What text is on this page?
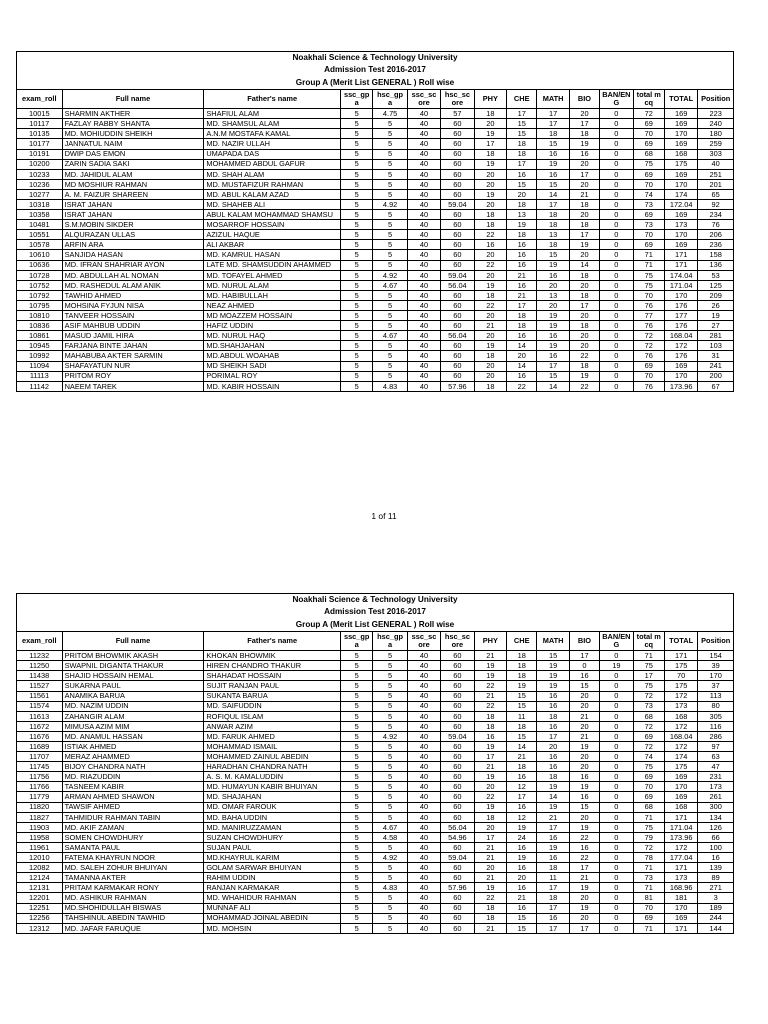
Noakhali Science & Technology University														
Admission Test 2016-2017														
Group A (Merit List GENERAL ) Roll wise														
exam_roll	Full name	Father's name	ssc_gpa	hsc_gpa	ssc_score	hsc_score	PHY	CHE	MATH	BIO	BAN/ENG	total mcq	TOTAL	Position
10015	SHARMIN AKTHER	SHAFIUL ALAM	5	4.75	40	57	18	17	17	20	0	72	169	223
10117	FAZLAY RABBY SHANTA	MD. SHAMSUL ALAM	5	5	40	60	20	15	17	17	0	69	169	240
10135	MD. MOHIUDDIN SHEIKH	A.N.M MOSTAFA KAMAL	5	5	40	60	19	15	18	18	0	70	170	180
10177	JANNATUL NAIM	MD. NAZIR ULLAH	5	5	40	60	17	18	15	19	0	69	169	259
10191	DWIP DAS EMON	UMAPADA DAS	5	5	40	60	18	18	16	16	0	68	168	303
10200	ZARIN SADIA SAKI	MOHAMMED ABDUL GAFUR	5	5	40	60	19	17	19	20	0	75	175	40
10233	MD. JAHIDUL ALAM	MD. SHAH ALAM	5	5	40	60	20	16	16	17	0	69	169	251
10236	MD MOSHIUR RAHMAN	MD. MUSTAFIZUR RAHMAN	5	5	40	60	20	15	15	20	0	70	170	201
10277	A. M. FAIZUR SHAREEN	MD. ABUL KALAM AZAD	5	5	40	60	19	20	14	21	0	74	174	65
10318	ISRAT JAHAN	MD. SHAHEB ALI	5	4.92	40	59.04	20	18	17	18	0	73	172.04	92
10358	ISRAT JAHAN	ABUL KALAM MOHAMMAD SHAMSU	5	5	40	60	18	13	18	20	0	69	169	234
10481	S.M.MOBIN SIKDER	MOSARROF HOSSAIN	5	5	40	60	18	19	18	18	0	73	173	76
10551	ALQURAZAN ULLAS	AZIZUL HAQUE	5	5	40	60	22	18	13	17	0	70	170	206
10578	ARFIN ARA	ALI AKBAR	5	5	40	60	16	16	18	19	0	69	169	236
10610	SANJIDA HASAN	MD. KAMRUL HASAN	5	5	40	60	20	16	15	20	0	71	171	158
10636	MD. IFRAN SHAHRIAR AYON	LATE MD. SHAMSUDDIN AHAMMED	5	5	40	60	22	16	19	14	0	71	171	136
10728	MD. ABDULLAH AL NOMAN	MD. TOFAYEL AHMED	5	4.92	40	59.04	20	21	16	18	0	75	174.04	53
10752	MD. RASHEDUL ALAM ANIK	MD. NURUL ALAM	5	4.67	40	56.04	19	16	20	20	0	75	171.04	125
10792	TAWHID AHMED	MD. HABIBULLAH	5	5	40	60	18	21	13	18	0	70	170	209
10795	MOHSINA FYJUN NISA	NEAZ AHMED	5	5	40	60	22	17	20	17	0	76	176	26
10810	TANVEER HOSSAIN	MD MOAZZEM HOSSAIN	5	5	40	60	20	18	19	20	0	77	177	19
10836	ASIF MAHBUB UDDIN	HAFIZ UDDIN	5	5	40	60	21	18	19	18	0	76	176	27
10861	MASUD JAMIL HIRA	MD. NURUL HAQ	5	4.67	40	56.04	20	16	16	20	0	72	168.04	281
10945	FARJANA BINTE JAHAN	MD.SHAHJAHAN	5	5	40	60	19	14	19	20	0	72	172	103
10992	MAHABUBA AKTER SARMIN	MD.ABDUL WOAHAB	5	5	40	60	18	20	16	22	0	76	176	31
11094	SHAFAYATUN NUR	MD SHEIKH SADI	5	5	40	60	20	14	17	18	0	69	169	241
11113	PRITOM ROY	PORIMAL ROY	5	5	40	60	20	16	15	19	0	70	170	200
11142	NAEEM TAREK	MD. KABIR HOSSAIN	5	4.83	40	57.96	18	22	14	22	0	76	173.96	67
1 of 11
Noakhali Science & Technology University														
Admission Test 2016-2017														
Group A (Merit List GENERAL ) Roll wise														
exam_roll	Full name	Father's name	ssc_gpa	hsc_gpa	ssc_score	hsc_score	PHY	CHE	MATH	BIO	BAN/ENG	total mcq	TOTAL	Position
11232	PRITOM BHOWMIK AKASH	KHOKAN BHOWMIK	5	5	40	60	21	18	15	17	0	71	171	154
11250	SWAPNIL DIGANTA THAKUR	HIREN CHANDRO THAKUR	5	5	40	60	19	18	19	0	19	75	175	39
11438	SHAJID HOSSAIN HEMAL	SHAHADAT HOSSAIN	5	5	40	60	19	18	19	16	0	17	70	170
11527	SUKARNA PAUL	SUJIT RANJAN PAUL	5	5	40	60	22	19	19	15	0	75	175	37
11561	ANAMIKA BARUA	SUKANTA BARUA	5	5	40	60	21	15	16	20	0	72	172	113
11574	MD. NAZIM UDDIN	MD. SAIFUDDIN	5	5	40	60	22	15	16	20	0	73	173	80
11613	ZAHANGIR ALAM	ROFIQUL ISLAM	5	5	40	60	18	11	18	21	0	68	168	305
11672	MIMUSA AZIM MIM	ANWAR AZIM	5	5	40	60	18	18	16	20	0	72	172	116
11676	MD. ANAMUL HASSAN	MD. FARUK AHMED	5	4.92	40	59.04	16	15	17	21	0	69	168.04	286
11689	ISTIAK AHMED	MOHAMMAD ISMAIL	5	5	40	60	19	14	20	19	0	72	172	97
11707	MERAZ AHAMMED	MOHAMMED ZAINUL ABEDIN	5	5	40	60	17	21	16	20	0	74	174	63
11745	BIJOY CHANDRA NATH	HARADHAN CHANDRA NATH	5	5	40	60	21	18	16	20	0	75	175	47
11756	MD. RIAZUDDIN	A. S. M. KAMALUDDIN	5	5	40	60	19	16	18	16	0	69	169	231
11766	TASNEEM KABIR	MD. HUMAYUN KABIR BHUIYAN	5	5	40	60	20	12	19	19	0	70	170	173
11779	ARMAN AHMED SHAWON	MD. SHAJAHAN	5	5	40	60	22	17	14	16	0	69	169	261
11820	TAWSIF AHMED	MD. OMAR FAROUK	5	5	40	60	19	16	19	15	0	68	168	300
11827	TAHMIDUR RAHMAN TABIN	MD. BAHA UDDIN	5	5	40	60	18	12	21	20	0	71	171	134
11903	MD. AKIF ZAMAN	MD. MANIRUZZAMAN	5	4.67	40	56.04	20	19	17	19	0	75	171.04	126
11958	SOMEN CHOWDHURY	SUZAN CHOWDHURY	5	4.58	40	54.96	17	24	16	22	0	79	173.96	66
11961	SAMANTA PAUL	SUJAN PAUL	5	5	40	60	21	16	19	16	0	72	172	100
12010	FATEMA KHAYRUN NOOR	MD.KHAYRUL KARIM	5	4.92	40	59.04	21	19	16	22	0	78	177.04	16
12082	MD. SALEH ZOHUR BHUIYAN	GOLAM SARWAR BHUIYAN	5	5	40	60	20	16	18	17	0	71	171	139
12124	TAMANNA AKTER	RAHIM UDDIN	5	5	40	60	21	20	11	21	0	73	173	89
12131	PRITAM KARMAKAR RONY	RANJAN KARMAKAR	5	4.83	40	57.96	19	16	17	19	0	71	168.96	271
12201	MD. ASHIKUR RAHMAN	MD. WHAHIDUR RAHMAN	5	5	40	60	22	21	18	20	0	81	181	3
12251	MD.SHOHIDULLAH BISWAS	MUNNAF ALI	5	5	40	60	18	16	17	19	0	70	170	189
12256	TAHSHINUL ABEDIN TAWHID	MOHAMMAD JOINAL ABEDIN	5	5	40	60	18	15	16	20	0	69	169	244
12312	MD. JAFAR FARUQUE	MD. MOHSIN	5	5	40	60	21	15	17	17	0	71	171	144
